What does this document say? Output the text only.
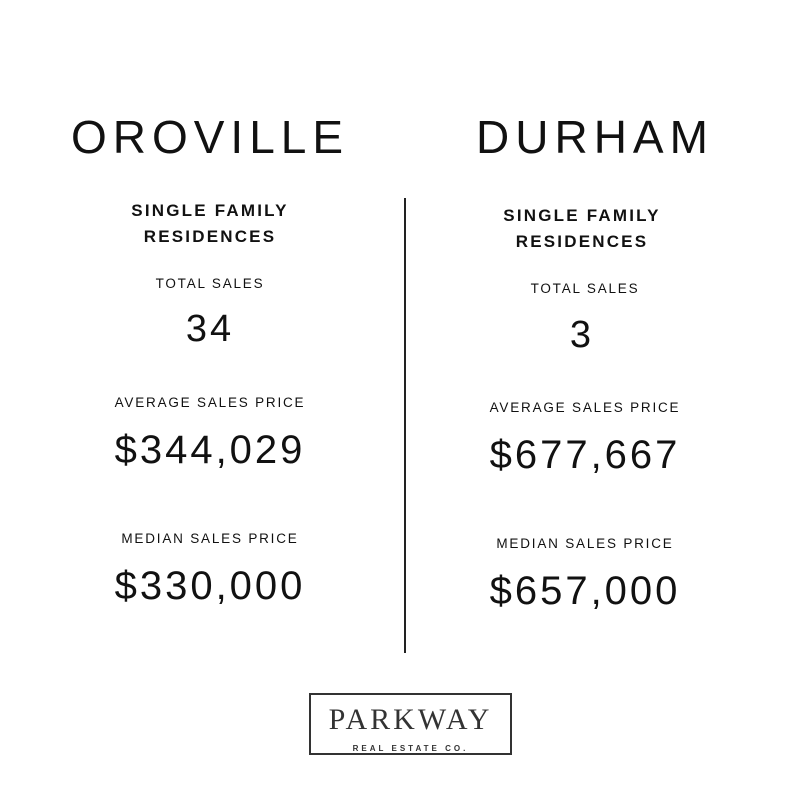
OROVILLE
SINGLE FAMILY
RESIDENCES
TOTAL SALES
34
AVERAGE SALES PRICE
$344,029
MEDIAN SALES PRICE
$330,000
DURHAM
SINGLE FAMILY
RESIDENCES
TOTAL SALES
3
AVERAGE SALES PRICE
$677,667
MEDIAN SALES PRICE
$657,000
PARKWAY
REAL ESTATE CO.
